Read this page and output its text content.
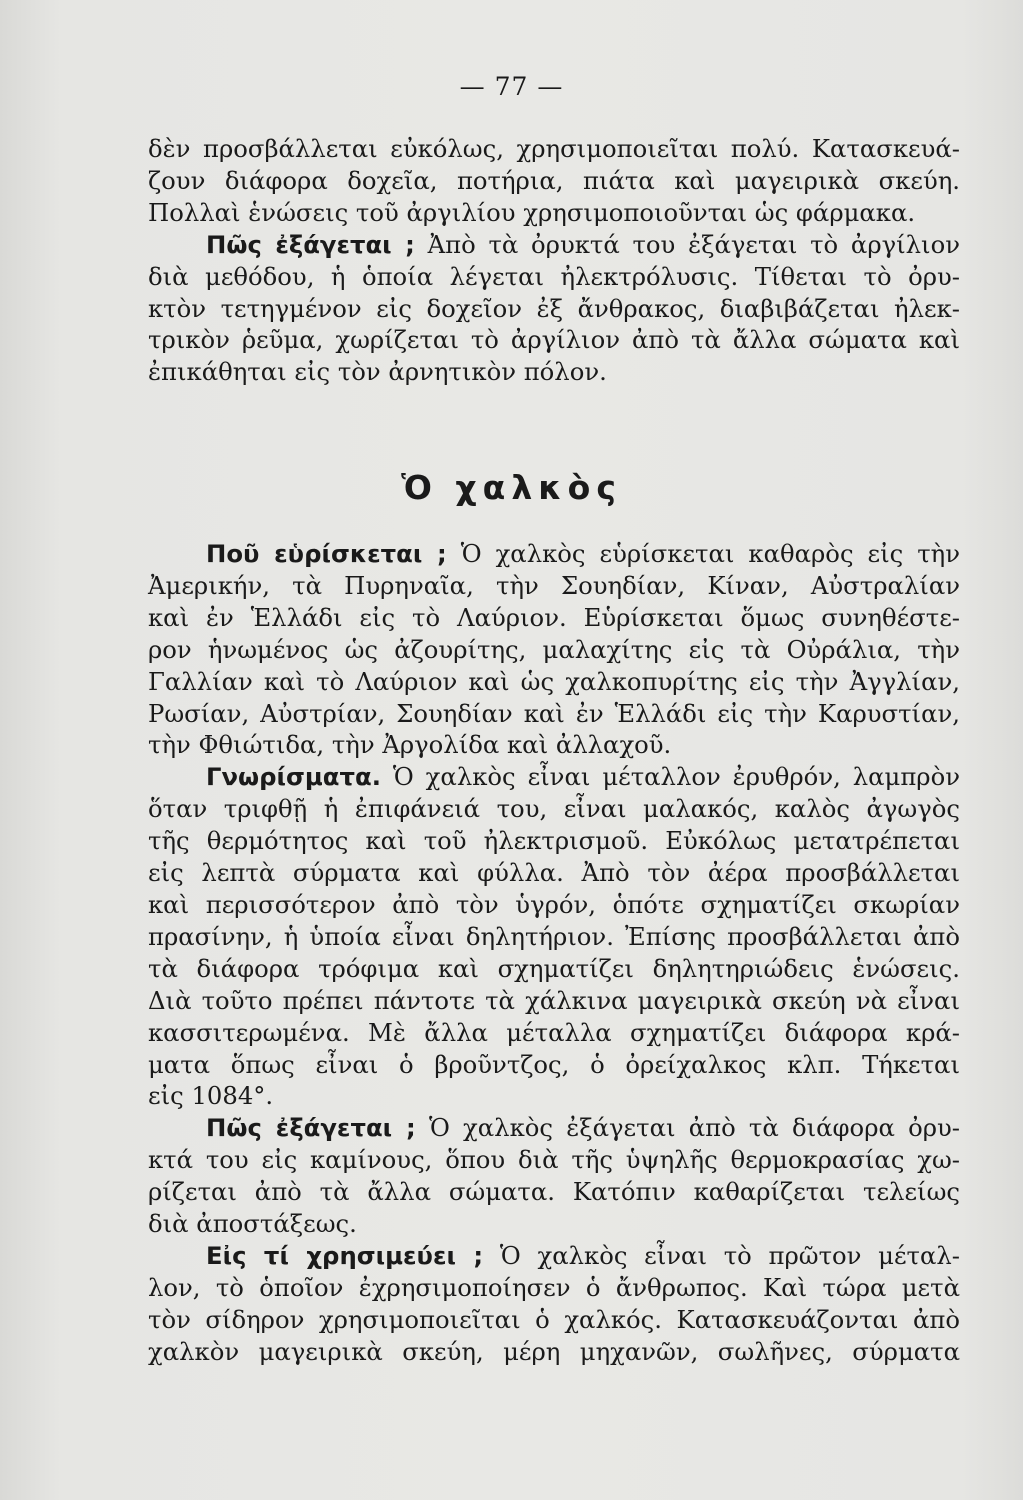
— 77 —
δὲν προσβάλλεται εὐκόλως, χρησιμοποιεῖται πολύ. Κατασκευά-
ζουν διάφορα δοχεῖα, ποτήρια, πιάτα καὶ μαγειρικὰ σκεύη.
Πολλαὶ ἑνώσεις τοῦ ἀργιλίου χρησιμοποιοῦνται ὡς φάρμακα.
Πῶς ἐξάγεται ; Ἀπὸ τὰ ὀρυκτά του ἐξάγεται τὸ ἀργίλιον
διὰ μεθόδου, ἡ ὁποία λέγεται ἠλεκτρόλυσις. Τίθεται τὸ ὀρυ-
κτὸν τετηγμένον εἰς δοχεῖον ἐξ ἄνθρακος, διαβιβάζεται ἠλεκ-
τρικὸν ῥεῦμα, χωρίζεται τὸ ἀργίλιον ἀπὸ τὰ ἄλλα σώματα καὶ
ἐπικάθηται εἰς τὸν ἀρνητικὸν πόλον.
Ὁ χαλκὸς
Ποῦ εὑρίσκεται ; Ὁ χαλκὸς εὑρίσκεται καθαρὸς εἰς τὴν
Ἀμερικήν, τὰ Πυρηναῖα, τὴν Σουηδίαν, Κίναν, Αὐστραλίαν
καὶ ἐν Ἑλλάδι εἰς τὸ Λαύριον. Εὑρίσκεται ὅμως συνηθέστε-
ρον ἡνωμένος ὡς ἀζουρίτης, μαλαχίτης εἰς τὰ Οὐράλια, τὴν
Γαλλίαν καὶ τὸ Λαύριον καὶ ὡς χαλκοπυρίτης εἰς τὴν Ἀγγλίαν,
Ρωσίαν, Αὐστρίαν, Σουηδίαν καὶ ἐν Ἑλλάδι εἰς τὴν Καρυστίαν,
τὴν Φθιώτιδα, τὴν Ἀργολίδα καὶ ἀλλαχοῦ.
Γνωρίσματα. Ὁ χαλκὸς εἶναι μέταλλον ἐρυθρόν, λαμπρὸν
ὅταν τριφθῇ ἡ ἐπιφάνειά του, εἶναι μαλακός, καλὸς ἀγωγὸς
τῆς θερμότητος καὶ τοῦ ἠλεκτρισμοῦ. Εὐκόλως μετατρέπεται
εἰς λεπτὰ σύρματα καὶ φύλλα. Ἀπὸ τὸν ἀέρα προσβάλλεται
καὶ περισσότερον ἀπὸ τὸν ὑγρόν, ὁπότε σχηματίζει σκωρίαν
πρασίνην, ἡ ὑποία εἶναι δηλητήριον. Ἐπίσης προσβάλλεται ἀπὸ
τὰ διάφορα τρόφιμα καὶ σχηματίζει δηλητηριώδεις ἑνώσεις.
Διὰ τοῦτο πρέπει πάντοτε τὰ χάλκινα μαγειρικὰ σκεύη νὰ εἶναι
κασσιτερωμένα. Μὲ ἄλλα μέταλλα σχηματίζει διάφορα κρά-
ματα ὅπως εἶναι ὁ βροῦντζος, ὁ ὀρείχαλκος κλπ. Τήκεται
εἰς 1084°.
Πῶς ἐξάγεται ; Ὁ χαλκὸς ἐξάγεται ἀπὸ τὰ διάφορα ὀρυ-
κτά του εἰς καμίνους, ὅπου διὰ τῆς ὑψηλῆς θερμοκρασίας χω-
ρίζεται ἀπὸ τὰ ἄλλα σώματα. Κατόπιν καθαρίζεται τελείως
διὰ ἀποστάξεως.
Εἰς τί χρησιμεύει ; Ὁ χαλκὸς εἶναι τὸ πρῶτον μέταλ-
λον, τὸ ὁποῖον ἐχρησιμοποίησεν ὁ ἄνθρωπος. Καὶ τώρα μετὰ
τὸν σίδηρον χρησιμοποιεῖται ὁ χαλκός. Κατασκευάζονται ἀπὸ
χαλκὸν μαγειρικὰ σκεύη, μέρη μηχανῶν, σωλῆνες, σύρματα
